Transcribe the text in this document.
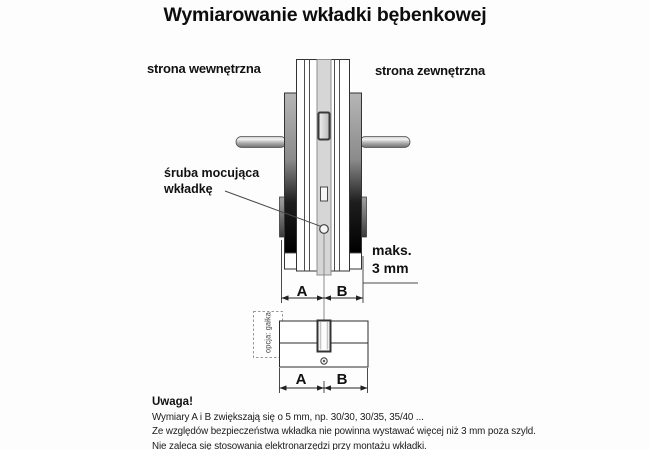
opcja: gałka
Wymiarowanie wkładki bębenkowej
strona wewnętrzna	strona zewnętrzna
śruba mocująca
wkładkę
maks.
3 mm
A	B
A	B
Uwaga!
Wymiary A i B zwiększają się o 5 mm, np. 30/30, 30/35, 35/40 ...
Ze względów bezpieczeństwa wkładka nie powinna wystawać więcej niż 3 mm poza szyld.
Nie zaleca się stosowania elektronarzędzi przy montażu wkładki.
